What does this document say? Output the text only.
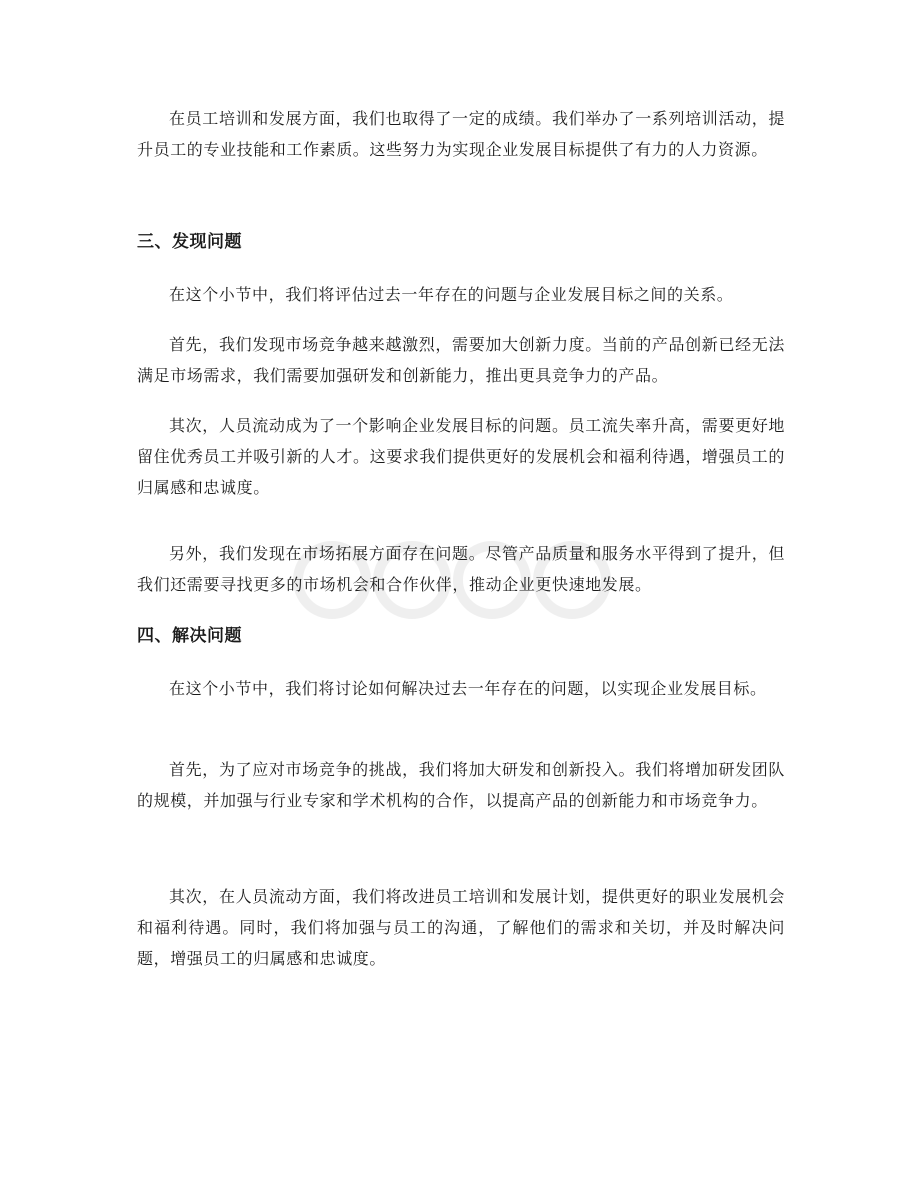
在员工培训和发展方面，我们也取得了一定的成绩。我们举办了一系列培训活动，提升员工的专业技能和工作素质。这些努力为实现企业发展目标提供了有力的人力资源。

三、发现问题

在这个小节中，我们将评估过去一年存在的问题与企业发展目标之间的关系。

首先，我们发现市场竞争越来越激烈，需要加大创新力度。当前的产品创新已经无法满足市场需求，我们需要加强研发和创新能力，推出更具竞争力的产品。

其次，人员流动成为了一个影响企业发展目标的问题。员工流失率升高，需要更好地留住优秀员工并吸引新的人才。这要求我们提供更好的发展机会和福利待遇，增强员工的归属感和忠诚度。

另外，我们发现在市场拓展方面存在问题。尽管产品质量和服务水平得到了提升，但我们还需要寻找更多的市场机会和合作伙伴，推动企业更快速地发展。

四、解决问题

在这个小节中，我们将讨论如何解决过去一年存在的问题，以实现企业发展目标。

首先，为了应对市场竞争的挑战，我们将加大研发和创新投入。我们将增加研发团队的规模，并加强与行业专家和学术机构的合作，以提高产品的创新能力和市场竞争力。

其次，在人员流动方面，我们将改进员工培训和发展计划，提供更好的职业发展机会和福利待遇。同时，我们将加强与员工的沟通，了解他们的需求和关切，并及时解决问题，增强员工的归属感和忠诚度。
